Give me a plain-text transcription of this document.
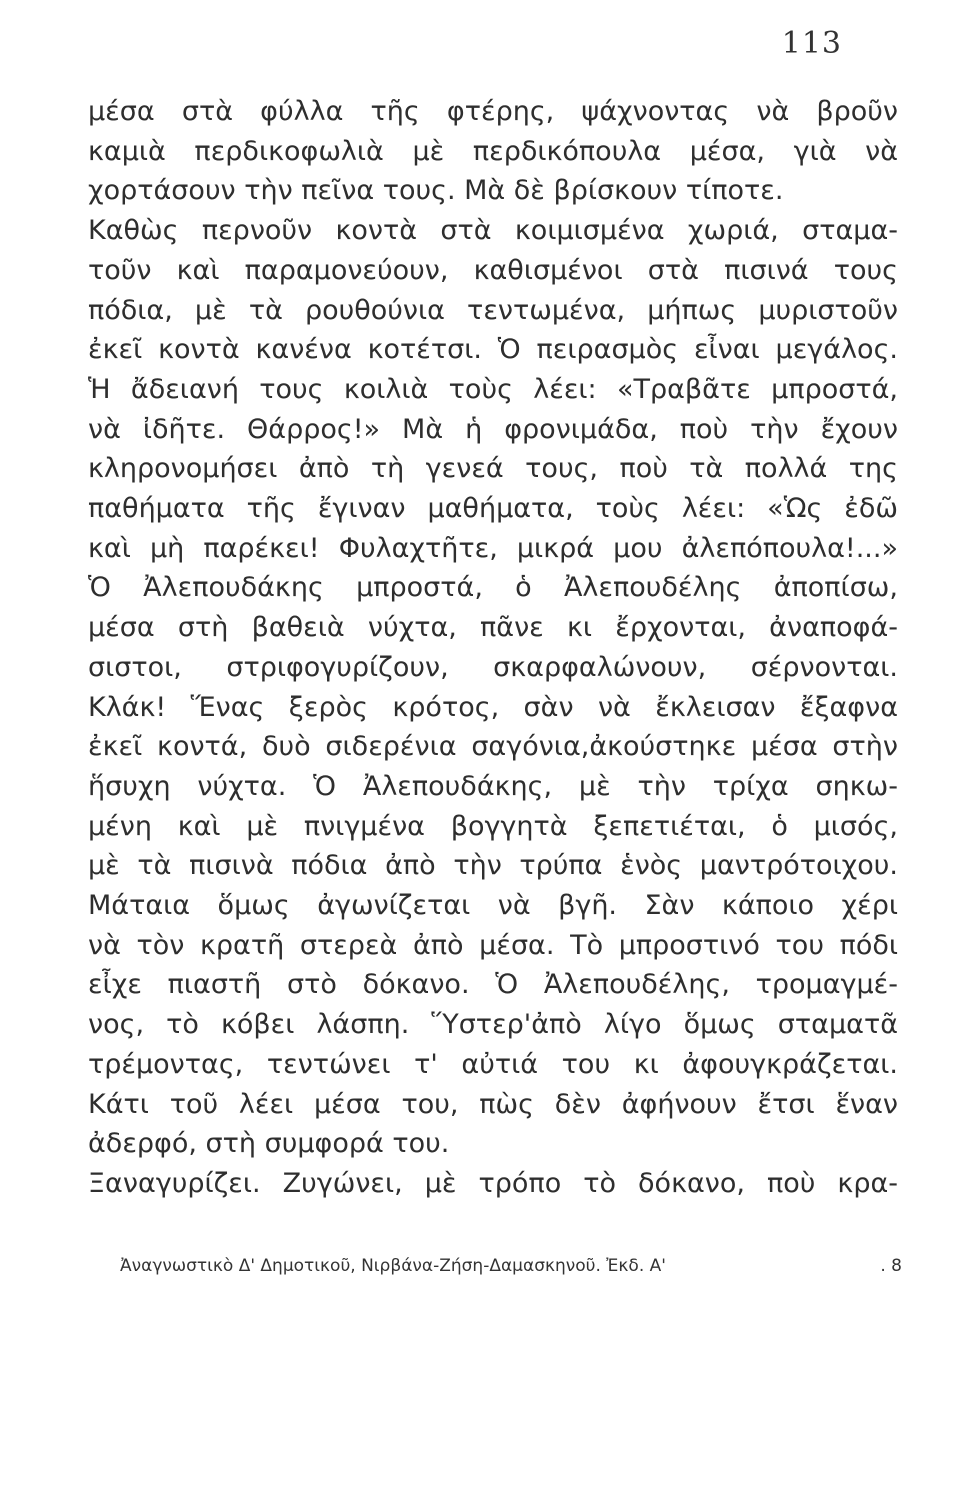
113
μέσα στὰ φύλλα τῆς φτέρης, ψάχνοντας νὰ βροῦν
καμιὰ περδικοφωλιὰ μὲ περδικόπουλα μέσα, γιὰ νὰ
χορτάσουν τὴν πεῖνα τους. Μὰ δὲ βρίσκουν τίποτε.
Καθὼς περνοῦν κοντὰ στὰ κοιμισμένα χωριά, σταμα-
τοῦν καὶ παραμονεύουν, καθισμένοι στὰ πισινά τους
πόδια, μὲ τὰ ρουθούνια τεντωμένα, μήπως μυριστοῦν
ἐκεῖ κοντὰ κανένα κοτέτσι. Ὁ πειρασμὸς εἶναι μεγάλος.
Ἡ ἄδειανή τους κοιλιὰ τοὺς λέει: «Τραβᾶτε μπροστά,
νὰ ἰδῆτε. Θάρρος!» Μὰ ἡ φρονιμάδα, ποὺ τὴν ἔχουν
κληρονομήσει ἀπὸ τὴ γενεά τους, ποὺ τὰ πολλά της
παθήματα τῆς ἔγιναν μαθήματα, τοὺς λέει: «Ὡς ἐδῶ
καὶ μὴ παρέκει! Φυλαχτῆτε, μικρά μου ἀλεπόπουλα!...»
Ὁ Ἀλεπουδάκης μπροστά, ὁ Ἀλεπουδέλης ἀποπίσω,
μέσα στὴ βαθειὰ νύχτα, πᾶνε κι ἔρχονται, ἀναποφά-
σιστοι, στριφογυρίζουν, σκαρφαλώνουν, σέρνονται.
Κλάκ! Ἕνας ξερὸς κρότος, σὰν νὰ ἔκλεισαν ἔξαφνα
ἐκεῖ κοντά, δυὸ σιδερένια σαγόνια,ἀκούστηκε μέσα στὴν
ἥσυχη νύχτα. Ὁ Ἀλεπουδάκης, μὲ τὴν τρίχα σηκω-
μένη καὶ μὲ πνιγμένα βογγητὰ ξεπετιέται, ὁ μισός,
μὲ τὰ πισινὰ πόδια ἀπὸ τὴν τρύπα ἑνὸς μαντρότοιχου.
Μάταια ὅμως ἀγωνίζεται νὰ βγῆ. Σὰν κάποιο χέρι
νὰ τὸν κρατῆ στερεὰ ἀπὸ μέσα. Τὸ μπροστινό του πόδι
εἶχε πιαστῆ στὸ δόκανο. Ὁ Ἀλεπουδέλης, τρομαγμέ-
νος, τὸ κόβει λάσπη. Ὕστερ'ἀπὸ λίγο ὅμως σταματᾶ
τρέμοντας, τεντώνει τ' αὐτιά του κι ἀφουγκράζεται.
Κάτι τοῦ λέει μέσα του, πὼς δὲν ἀφήνουν ἔτσι ἕναν
ἀδερφό, στὴ συμφορά του.
Ξαναγυρίζει. Ζυγώνει, μὲ τρόπο τὸ δόκανο, ποὺ κρα-
Ἀναγνωστικὸ Δ' Δημοτικοῦ, Νιρβάνα-Ζήση-Δαμασκηνοῦ. Ἐκδ. Α'	. 8
